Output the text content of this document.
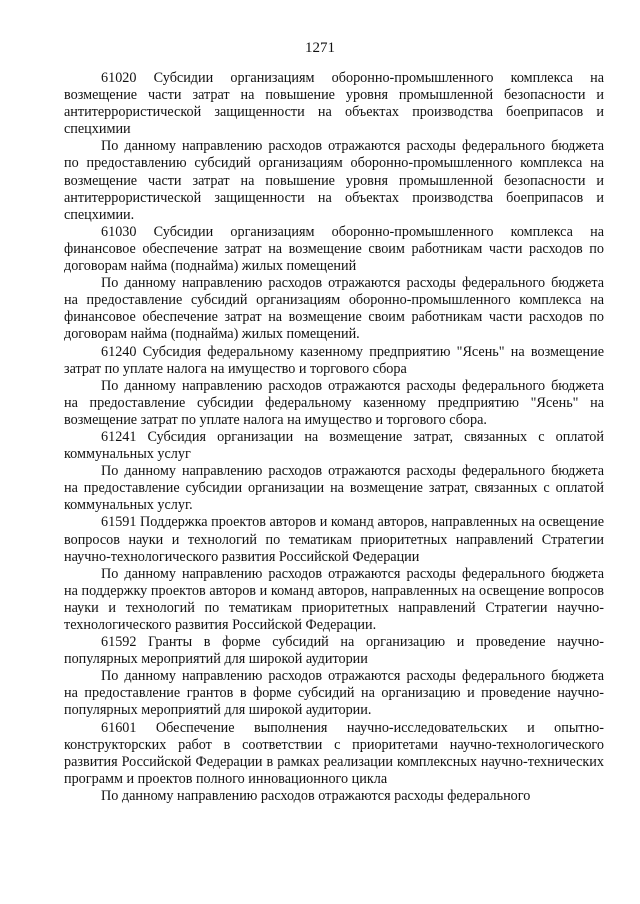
1271

61020 Субсидии организациям оборонно-промышленного комплекса на возмещение части затрат на повышение уровня промышленной безопасности и антитеррористической защищенности на объектах производства боеприпасов и спецхимии

По данному направлению расходов отражаются расходы федерального бюджета по предоставлению субсидий организациям оборонно-промышленного комплекса на возмещение части затрат на повышение уровня промышленной безопасности и антитеррористической защищенности на объектах производства боеприпасов и спецхимии.

61030 Субсидии организациям оборонно-промышленного комплекса на финансовое обеспечение затрат на возмещение своим работникам части расходов по договорам найма (поднайма) жилых помещений

По данному направлению расходов отражаются расходы федерального бюджета на предоставление субсидий организациям оборонно-промышленного комплекса на финансовое обеспечение затрат на возмещение своим работникам части расходов по договорам найма (поднайма) жилых помещений.

61240 Субсидия федеральному казенному предприятию "Ясень" на возмещение затрат по уплате налога на имущество и торгового сбора

По данному направлению расходов отражаются расходы федерального бюджета на предоставление субсидии федеральному казенному предприятию "Ясень" на возмещение затрат по уплате налога на имущество и торгового сбора.

61241 Субсидия организации на возмещение затрат, связанных с оплатой коммунальных услуг

По данному направлению расходов отражаются расходы федерального бюджета на предоставление субсидии организации на возмещение затрат, связанных с оплатой коммунальных услуг.

61591 Поддержка проектов авторов и команд авторов, направленных на освещение вопросов науки и технологий по тематикам приоритетных направлений Стратегии научно-технологического развития Российской Федерации

По данному направлению расходов отражаются расходы федерального бюджета на поддержку проектов авторов и команд авторов, направленных на освещение вопросов науки и технологий по тематикам приоритетных направлений Стратегии научно-технологического развития Российской Федерации.

61592 Гранты в форме субсидий на организацию и проведение научно-популярных мероприятий для широкой аудитории

По данному направлению расходов отражаются расходы федерального бюджета на предоставление грантов в форме субсидий на организацию и проведение научно-популярных мероприятий для широкой аудитории.

61601 Обеспечение выполнения научно-исследовательских и опытно-конструкторских работ в соответствии с приоритетами научно-технологического развития Российской Федерации в рамках реализации комплексных научно-технических программ и проектов полного инновационного цикла

По данному направлению расходов отражаются расходы федерального
